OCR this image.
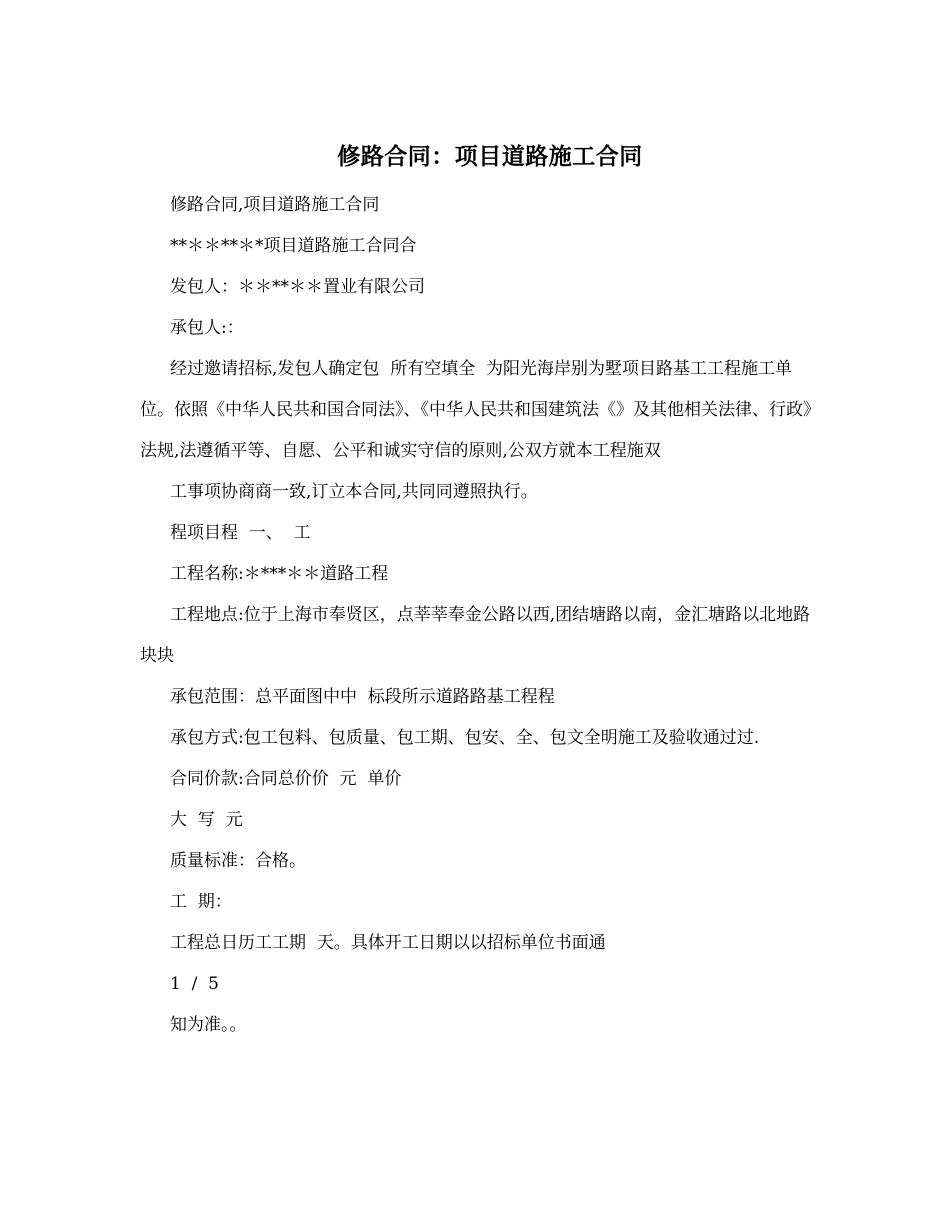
修路合同：项目道路施工合同

修路合同,项目道路施工合同

**＊＊**＊*项目道路施工合同合

发包人：＊＊**＊＊置业有限公司

承包人:：

经过邀请招标,发包人确定包  所有空填全  为阳光海岸别为墅项目路基工工程施工单位。依照《中华人民共和国合同法》、《中华人民共和国建筑法《》及其他相关法律、行政》法规,法遵循平等、自愿、公平和诚实守信的原则,公双方就本工程施双

工事项协商商一致,订立本合同,共同同遵照执行。

程项目程  一、  工

工程名称:＊***＊＊道路工程

工程地点:位于上海市奉贤区，点莘莘奉金公路以西,团结塘路以南，金汇塘路以北地路块块

承包范围：总平面图中中  标段所示道路路基工程程

承包方式:包工包料、包质量、包工期、包安、全、包文全明施工及验收通过过.

合同价款:合同总价价  元  单价

大  写  元

质量标准：合格。

工  期：

工程总日历工工期  天。具体开工日期以以招标单位书面通

1  /  5

知为准。。
